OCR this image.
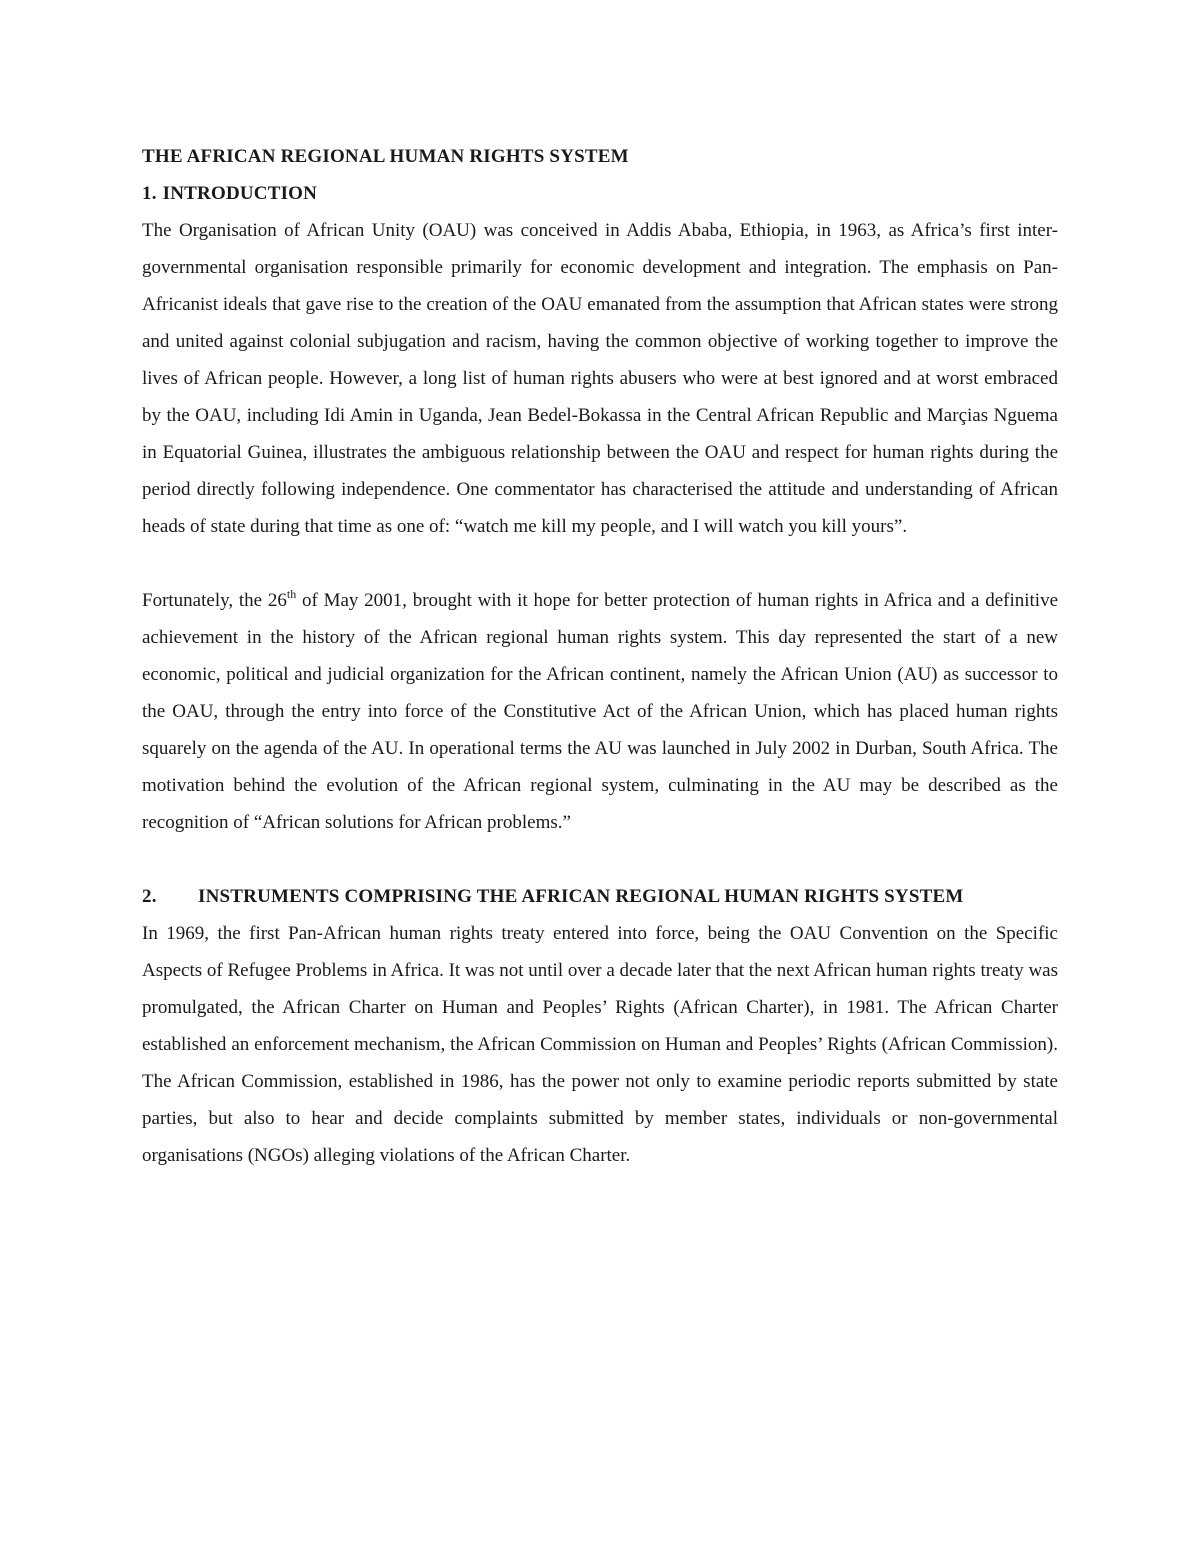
THE AFRICAN REGIONAL HUMAN RIGHTS SYSTEM
1. INTRODUCTION

The Organisation of African Unity (OAU) was conceived in Addis Ababa, Ethiopia, in 1963, as Africa’s first inter-governmental organisation responsible primarily for economic development and integration. The emphasis on Pan-Africanist ideals that gave rise to the creation of the OAU emanated from the assumption that African states were strong and united against colonial subjugation and racism, having the common objective of working together to improve the lives of African people. However, a long list of human rights abusers who were at best ignored and at worst embraced by the OAU, including Idi Amin in Uganda, Jean Bedel-Bokassa in the Central African Republic and Marçias Nguema in Equatorial Guinea, illustrates the ambiguous relationship between the OAU and respect for human rights during the period directly following independence. One commentator has characterised the attitude and understanding of African heads of state during that time as one of: “watch me kill my people, and I will watch you kill yours”.

Fortunately, the 26th of May 2001, brought with it hope for better protection of human rights in Africa and a definitive achievement in the history of the African regional human rights system. This day represented the start of a new economic, political and judicial organization for the African continent, namely the African Union (AU) as successor to the OAU, through the entry into force of the Constitutive Act of the African Union, which has placed human rights squarely on the agenda of the AU. In operational terms the AU was launched in July 2002 in Durban, South Africa. The motivation behind the evolution of the African regional system, culminating in the AU may be described as the recognition of “African solutions for African problems.”

2. INSTRUMENTS COMPRISING THE AFRICAN REGIONAL HUMAN RIGHTS SYSTEM

In 1969, the first Pan-African human rights treaty entered into force, being the OAU Convention on the Specific Aspects of Refugee Problems in Africa. It was not until over a decade later that the next African human rights treaty was promulgated, the African Charter on Human and Peoples’ Rights (African Charter), in 1981. The African Charter established an enforcement mechanism, the African Commission on Human and Peoples’ Rights (African Commission). The African Commission, established in 1986, has the power not only to examine periodic reports submitted by state parties, but also to hear and decide complaints submitted by member states, individuals or non-governmental organisations (NGOs) alleging violations of the African Charter.
